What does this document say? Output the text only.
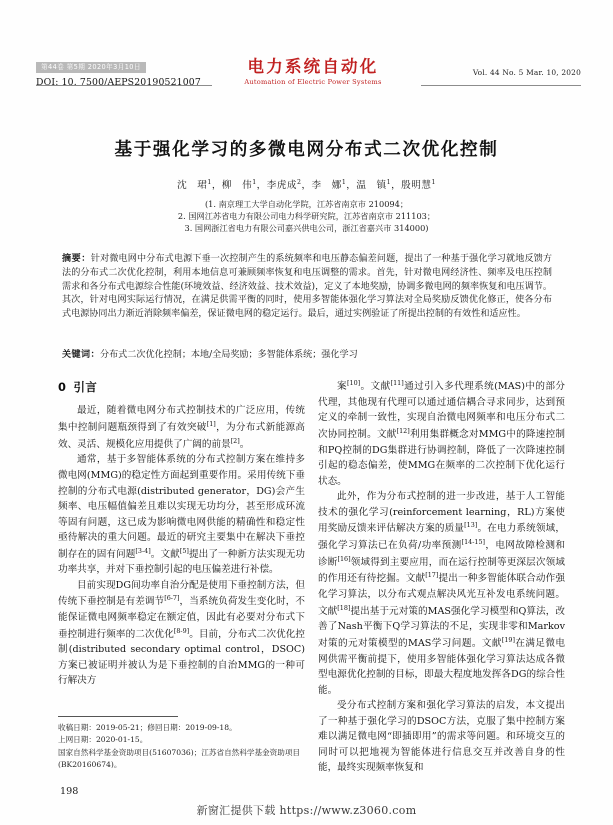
第44卷 第5期 2020年3月10日
DOI: 10. 7500/AEPS20190521007
电力系统自动化
Automation of Electric Power Systems
Vol. 44 No. 5 Mar. 10, 2020
基于强化学习的多微电网分布式二次优化控制
沈　珺$^1$，柳　伟$^1$，李虎成$^2$，李　娜$^1$，温　镇$^1$，殷明慧$^1$
(1. 南京理工大学自动化学院，江苏省南京市 210094；
2. 国网江苏省电力有限公司电力科学研究院，江苏省南京市 211103；
3. 国网浙江省电力有限公司嘉兴供电公司，浙江省嘉兴市 314000)
摘要：针对微电网中分布式电源下垂一次控制产生的系统频率和电压静态偏差问题，提出了一种基于强化学习就地反馈方法的分布式二次优化控制，利用本地信息可兼顾频率恢复和电压调整的需求。首先，针对微电网经济性、频率及电压控制需求和各分布式电源综合性能(环境效益、经济效益、技术效益)，定义了本地奖励，协调多微电网的频率恢复和电压调节。其次，针对电网实际运行情况，在满足供需平衡的同时，使用多智能体强化学习算法对全局奖励反馈优化修正，使各分布式电源协同出力渐近消除频率偏差，保证微电网的稳定运行。最后，通过实例验证了所提出控制的有效性和适应性。
关键词：分布式二次优化控制；本地/全局奖励；多智能体系统；强化学习
0 引言

最近，随着微电网分布式控制技术的广泛应用，传统集中控制问题瓶颈得到了有效突破[1]，为分布式新能源高效、灵活、规模化应用提供了广阔的前景[2]。

通常，基于多智能体系统的分布式控制方案在维持多微电网(MMG)的稳定性方面起到重要作用。采用传统下垂控制的分布式电源(distributed generator，DG)会产生频率、电压幅值偏差且难以实现无功均分，甚至形成环流等固有问题，这已成为影响微电网供能的精确性和稳定性亟待解决的重大问题。最近的研究主要集中在解决下垂控制存在的固有问题[3-4]。文献[5]提出了一种新方法实现无功功率共享，并对下垂控制引起的电压偏差进行补偿。

目前实现DG间功率自治分配是使用下垂控制方法，但传统下垂控制是有差调节[6-7]，当系统负荷发生变化时，不能保证微电网频率稳定在额定值，因此有必要对分布式下垂控制进行频率的二次优化[8-9]。目前，分布式二次优化控制(distributed secondary optimal control，DSOC)方案已被证明并被认为是下垂控制的自治MMG的一种可行解决方

案[10]。文献[11]通过引入多代理系统(MAS)中的部分代理，其他现有代理可以通过通信耦合寻求同步，达到预定义的牵制一致性，实现自治微电网频率和电压分布式二次协同控制。文献[12]利用集群概念对MMG中的降速控制和PQ控制的DG集群进行协调控制，降低了一次降速控制引起的稳态偏差，使MMG在频率的二次控制下优化运行状态。

此外，作为分布式控制的进一步改进，基于人工智能技术的强化学习(reinforcement learning，RL)方案使用奖励反馈来评估解决方案的质量[13]。在电力系统领域，强化学习算法已在负荷/功率预测[14-15]，电网故障检测和诊断[16]领域得到主要应用，而在运行控制等更深层次领域的作用还有待挖掘。文献[17]提出一种多智能体联合动作强化学习算法，以分布式观点解决风光互补发电系统问题。文献[18]提出基于元对策的MAS强化学习模型和Q算法，改善了Nash平衡下Q学习算法的不足，实现非零和Markov对策的元对策模型的MAS学习问题。文献[19]在满足微电网供需平衡前提下，使用多智能体强化学习算法达成各微型电源优化控制的目标，即最大程度地发挥各DG的综合性能。

受分布式控制方案和强化学习算法的启发，本文提出了一种基于强化学习的DSOC方法，克服了集中控制方案难以满足微电网“即插即用”的需求等问题。和环境交互的同时可以把地视为智能体进行信息交互并改善自身的性能，最终实现频率恢复和

收稿日期：2019-05-21；修回日期：2019-09-18。
上网日期：2020-01-15。
国家自然科学基金资助项目(51607036)；江苏省自然科学基金资助项目(BK20160674)。
198
新窗汇提供下载 https://www.z3060.com
